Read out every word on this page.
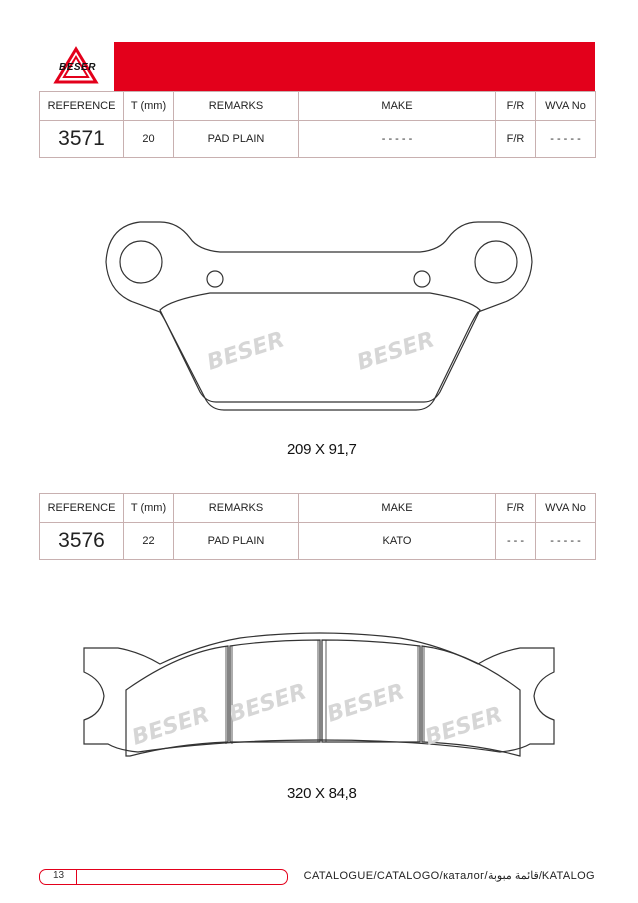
BESER
REFERENCE	T (mm)	REMARKS	MAKE	F/R	WVA No
3571	20	PAD PLAIN	- - - - -	F/R	- - - - -
BESER	BESER
209 X 91,7
REFERENCE	T (mm)	REMARKS	MAKE	F/R	WVA No
3576	22	PAD PLAIN	KATO	- - -	- - - - -
BESER BESER BESER BESER
320 X 84,8
13	CATALOGUE/CATALOGO/каталог/قائمة مبوبة/KATALOG
